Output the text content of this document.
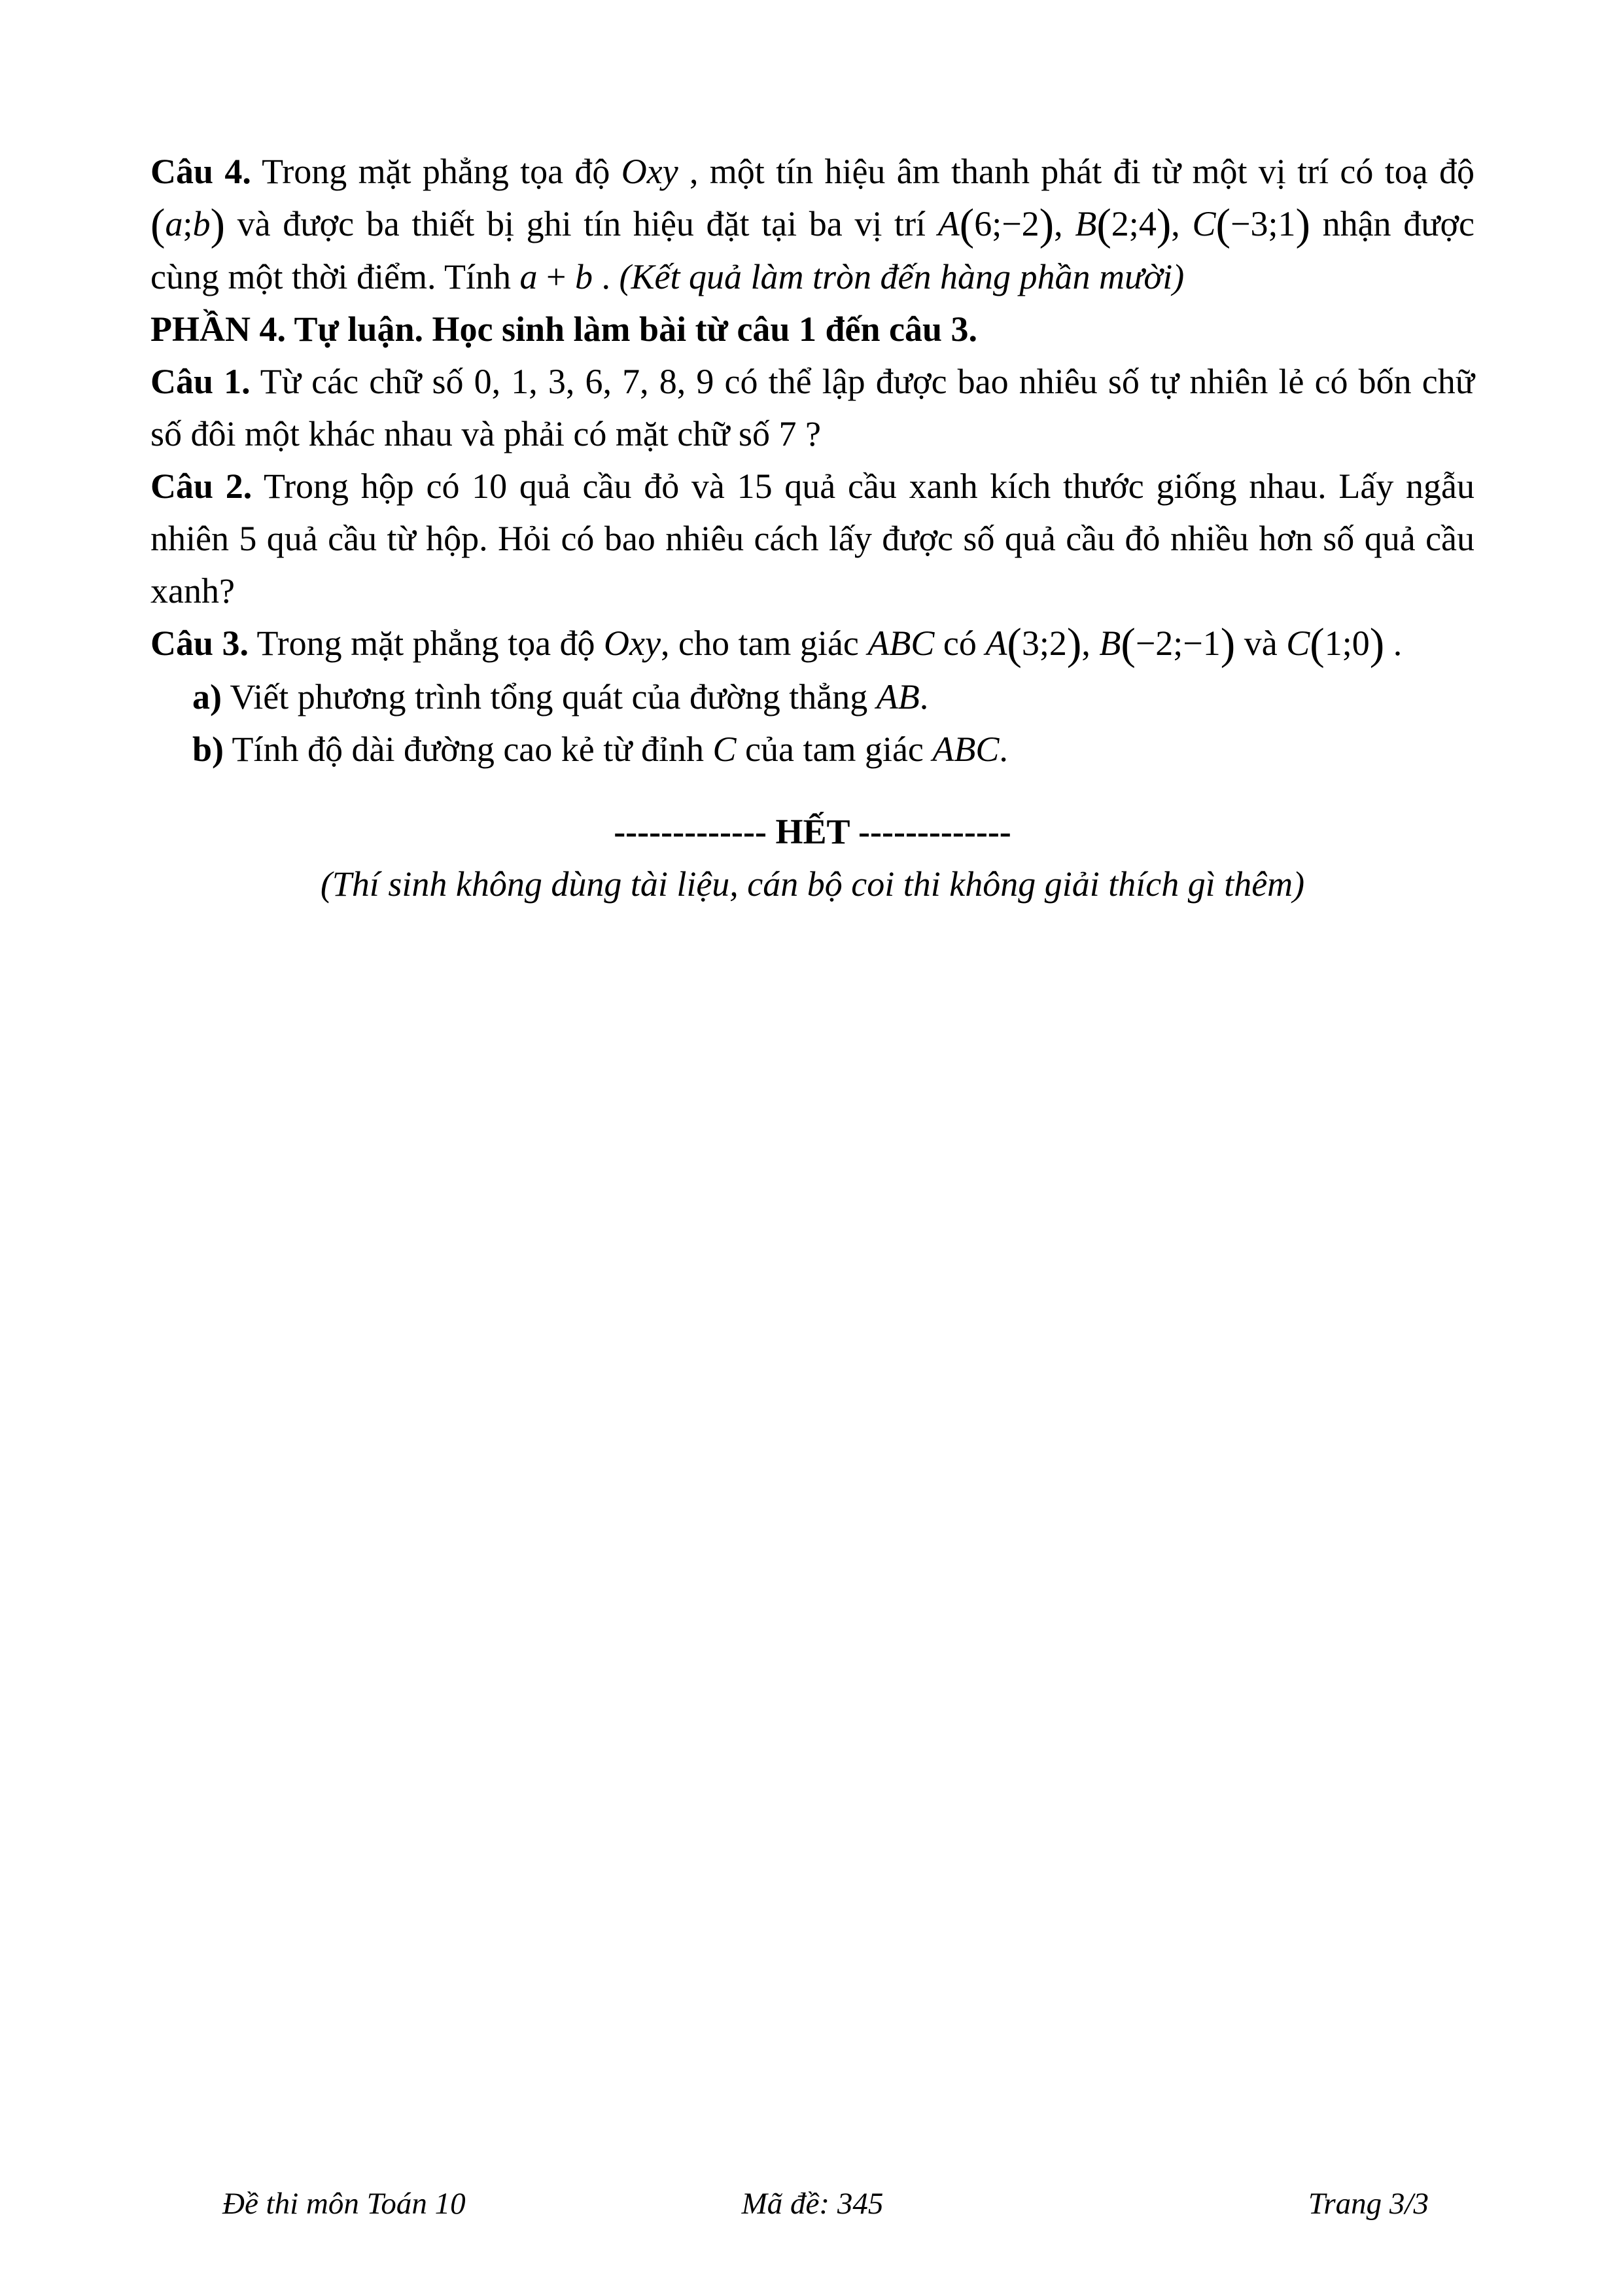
Câu 4. Trong mặt phẳng tọa độ Oxy , một tín hiệu âm thanh phát đi từ một vị trí có toạ độ
(a;b) và được ba thiết bị ghi tín hiệu đặt tại ba vị trí A(6;−2), B(2;4), C(−3;1) nhận được
cùng một thời điểm. Tính a + b . (Kết quả làm tròn đến hàng phần mười)
PHẦN 4. Tự luận. Học sinh làm bài từ câu 1 đến câu 3.
Câu 1. Từ các chữ số 0, 1, 3, 6, 7, 8, 9 có thể lập được bao nhiêu số tự nhiên lẻ có bốn chữ
số đôi một khác nhau và phải có mặt chữ số 7 ?
Câu 2. Trong hộp có 10 quả cầu đỏ và 15 quả cầu xanh kích thước giống nhau. Lấy ngẫu
nhiên 5 quả cầu từ hộp. Hỏi có bao nhiêu cách lấy được số quả cầu đỏ nhiều hơn số quả cầu
xanh?
Câu 3. Trong mặt phẳng tọa độ Oxy, cho tam giác ABC có A(3;2), B(−2;−1) và C(1;0) .
a) Viết phương trình tổng quát của đường thẳng AB.
b) Tính độ dài đường cao kẻ từ đỉnh C của tam giác ABC.
------------- HẾT -------------
(Thí sinh không dùng tài liệu, cán bộ coi thi không giải thích gì thêm)
Đề thi môn Toán 10	Mã đề: 345	Trang 3/3
